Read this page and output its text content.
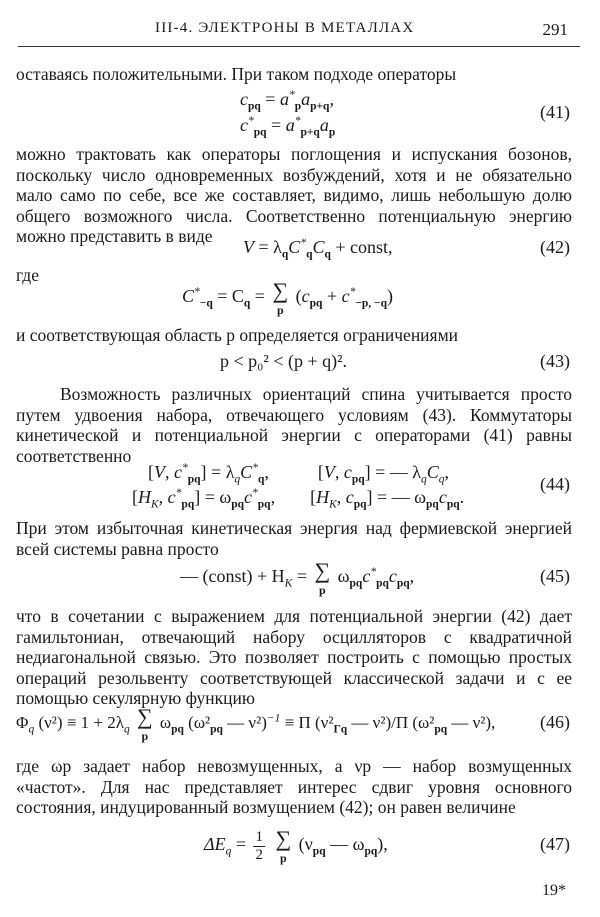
III-4. ЭЛЕКТРОНЫ В МЕТАЛЛАХ	291
оставаясь положительными. При таком подходе операторы
$c_{pq} = a^*_pa_{p+q}$,
$c^*_{pq} = a^*_{p+q}a_p$
(41)
можно трактовать как операторы поглощения и испускания бозонов, поскольку число одновременных возбуждений, хотя и не обязательно мало само по себе, все же составляет, видимо, лишь небольшую долю общего возможного числа. Соответственно потенциальную энергию можно представить в виде
$V = \lambda_qC^*_qC_q$ + const,	(42)
где
$C^*_{-q} = C_q$ = ∑
p
$(c_{pq} + c^*_{-p, -q})$
и соответствующая область p определяется ограничениями
p < p₀² < (p + q)².	(43)
Возможность различных ориентаций спина учитывается просто путем удвоения набора, отвечающего условиям (43). Коммутаторы кинетической и потенциальной энергии с операторами (41) равны соответственно
[V, $c^*_{pq}] = \lambda_qC^*_q$,	[V, $c_{pq}$] = — $\lambda_qC_q$,
[$H_K$, $c^*_{pq}] = \omega_{pq}c^*_{pq}$, [$H_K$, $c_{pq}$] = — $\omega_{pq}c_{pq}$.
(44)
При этом избыточная кинетическая энергия над фермиевской энергией всей системы равна просто
— (const) + $H_K$ = ∑
p
$\omega_{pq}c^*_{pq}c_{pq}$,	(45)
что в сочетании с выражением для потенциальной энергии (42) дает гамильтониан, отвечающий набору осцилляторов с квадратичной недиагональной связью. Это позволяет построить с помощью простых операций резольвенту соответствующей классической задачи и с ее помощью секулярную функцию
$\Phi_q$ $(\nu^2) \equiv 1 + 2\lambda_q$
∑
p
$\omega_{pq}$ ($\omega^2_{pq}$ — ν²)$^{-1}$ ≡ Π ($\nu^2_{\Gamma q}$ — ν²)/Π ($\omega^2_{pq}$ — ν²), (46)
где ωp задает набор невозмущенных, а νp — набор возмущенных «частот». Для нас представляет интерес сдвиг уровня основного состояния, индуцированный возмущением (42); он равен величине
$\Delta E_q = \frac{1}{2}$
∑
p
($\nu_{pq}$ — $\omega_{pq}$),	(47)
19*
